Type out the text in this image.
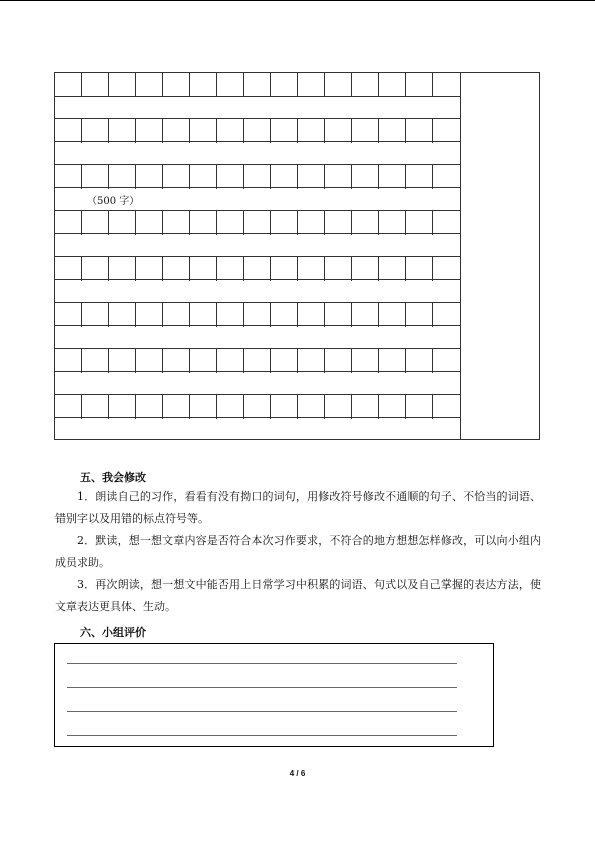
（500 字）
五、我会修改

1．朗读自己的习作，看看有没有拗口的词句，用修改符号修改不通顺的句子、不恰当的词语、错别字以及用错的标点符号等。

2．默读，想一想文章内容是否符合本次习作要求，不符合的地方想想怎样修改，可以向小组内成员求助。

3．再次朗读，想一想文中能否用上日常学习中积累的词语、句式以及自己掌握的表达方法，使文章表达更具体、生动。

六、小组评价
4 / 6
